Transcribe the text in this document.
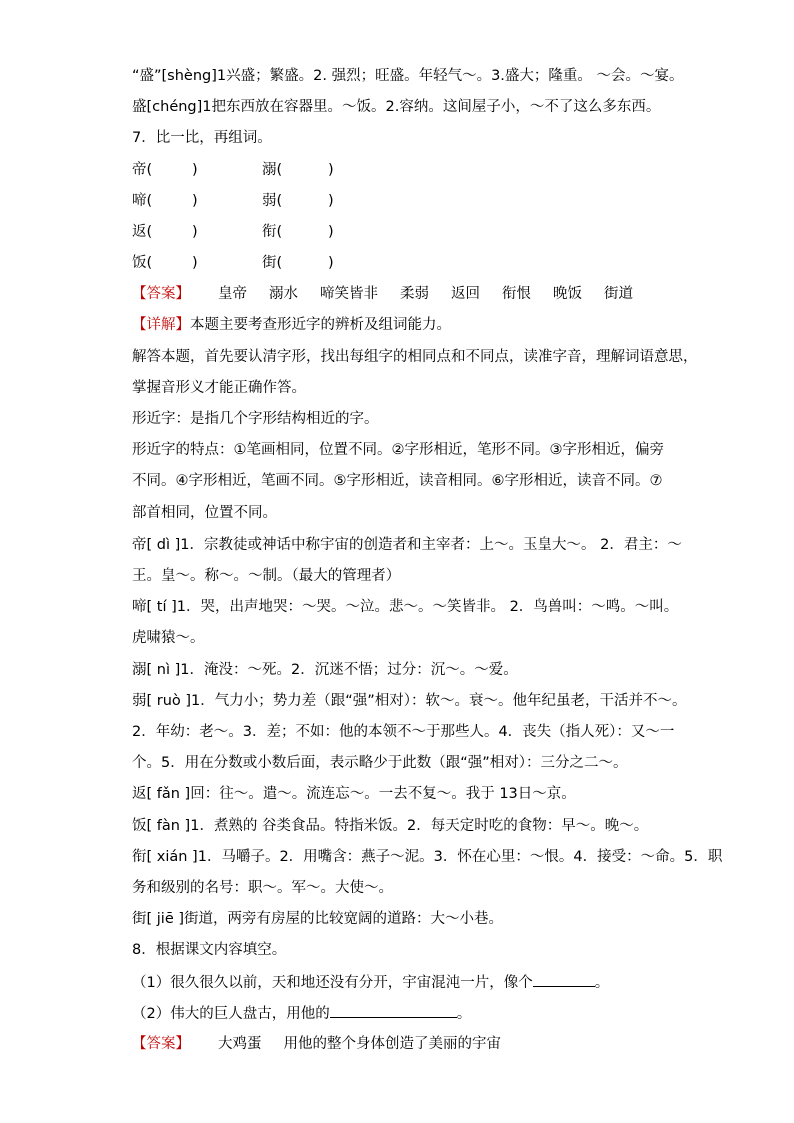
“盛”[shèng]1兴盛；繁盛。2. 强烈；旺盛。年轻气～。3.盛大；隆重。 ～会。～宴。
盛[chéng]1把东西放在容器里。～饭。2.容纳。这间屋子小，～不了这么多东西。
7．比一比，再组词。
帝(	)	溺(	)
啼(	)	弱(	)
返(	)	衔(	)
饭(	)	街(	)
【答案】 皇帝 溺水 啼笑皆非 柔弱 返回 衔恨 晚饭 街道
【详解】本题主要考查形近字的辨析及组词能力。
解答本题，首先要认清字形，找出每组字的相同点和不同点，读准字音，理解词语意思，
掌握音形义才能正确作答。
形近字：是指几个字形结构相近的字。
形近字的特点：①笔画相同，位置不同。②字形相近，笔形不同。③字形相近，偏旁
不同。④字形相近，笔画不同。⑤字形相近，读音相同。⑥字形相近，读音不同。⑦
部首相同，位置不同。
帝[ dì ]1．宗教徒或神话中称宇宙的创造者和主宰者：上～。玉皇大～。 2．君主：～
王。皇～。称～。～制。（最大的管理者）
啼[ tí ]1．哭，出声地哭：～哭。～泣。悲～。～笑皆非。 2．鸟兽叫：～鸣。～叫。
虎啸猿～。
溺[ nì ]1．淹没：～死。2．沉迷不悟；过分：沉～。～爱。
弱[ ruò ]1．气力小；势力差（跟“强”相对）：软～。衰～。他年纪虽老，干活并不～。
2．年幼：老～。3．差；不如：他的本领不～于那些人。4．丧失（指人死）：又～一
个。5．用在分数或小数后面，表示略少于此数（跟“强”相对）：三分之二～。
返[ fǎn ]回：往～。遣～。流连忘～。一去不复～。我于 13日～京。
饭[ fàn ]1．煮熟的 谷类食品。特指米饭。2．每天定时吃的食物：早～。晚～。
衔[ xián ]1．马嚼子。2．用嘴含：燕子～泥。3．怀在心里：～恨。4．接受：～命。5．职
务和级别的名号：职～。军～。大使～。
街[ jiē ]街道，两旁有房屋的比较宽阔的道路：大～小巷。
8．根据课文内容填空。
（1）很久很久以前，天和地还没有分开，宇宙混沌一片，像个	。
（2）伟大的巨人盘古，用他的	。
【答案】 大鸡蛋 用他的整个身体创造了美丽的宇宙
